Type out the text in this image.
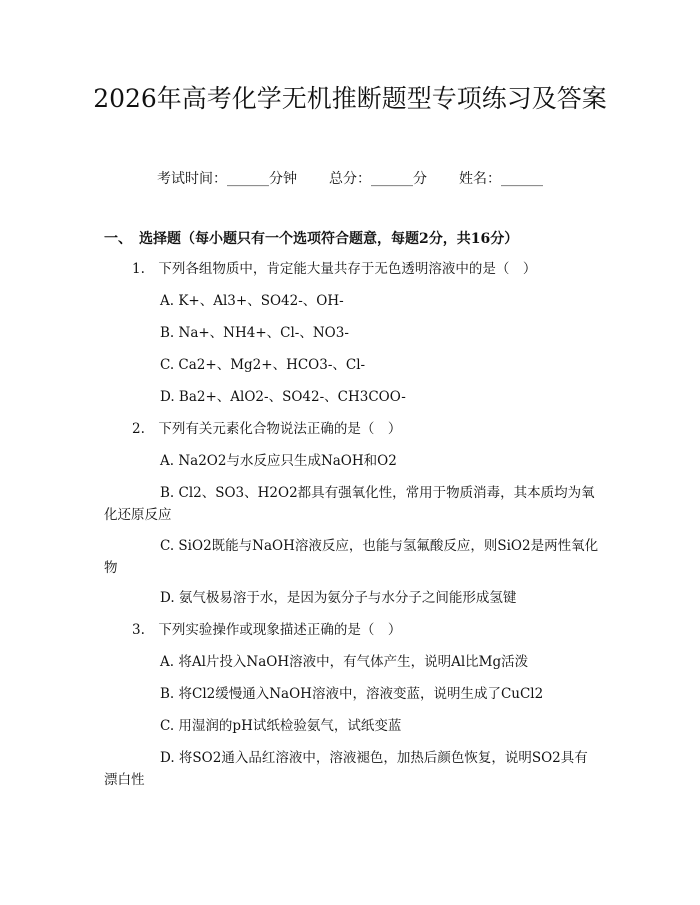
2026年高考化学无机推断题型专项练习及答案
考试时间：______分钟 总分：______分 姓名：______
一、　选择题（每小题只有一个选项符合题意，每题2分，共16分）
1.　下列各组物质中，肯定能大量共存于无色透明溶液中的是（　）
A. K+、Al3+、SO42-、OH-
B. Na+、NH4+、Cl-、NO3-
C. Ca2+、Mg2+、HCO3-、Cl-
D. Ba2+、AlO2-、SO42-、CH3COO-
2.　下列有关元素化合物说法正确的是（　）
A. Na2O2与水反应只生成NaOH和O2
B. Cl2、SO3、H2O2都具有强氧化性，常用于物质消毒，其本质均为氧化还原反应
C. SiO2既能与NaOH溶液反应，也能与氢氟酸反应，则SiO2是两性氧化物
D. 氨气极易溶于水，是因为氨分子与水分子之间能形成氢键
3.　下列实验操作或现象描述正确的是（　）
A. 将Al片投入NaOH溶液中，有气体产生，说明Al比Mg活泼
B. 将Cl2缓慢通入NaOH溶液中，溶液变蓝，说明生成了CuCl2
C. 用湿润的pH试纸检验氨气，试纸变蓝
D. 将SO2通入品红溶液中，溶液褪色，加热后颜色恢复，说明SO2具有漂白性
